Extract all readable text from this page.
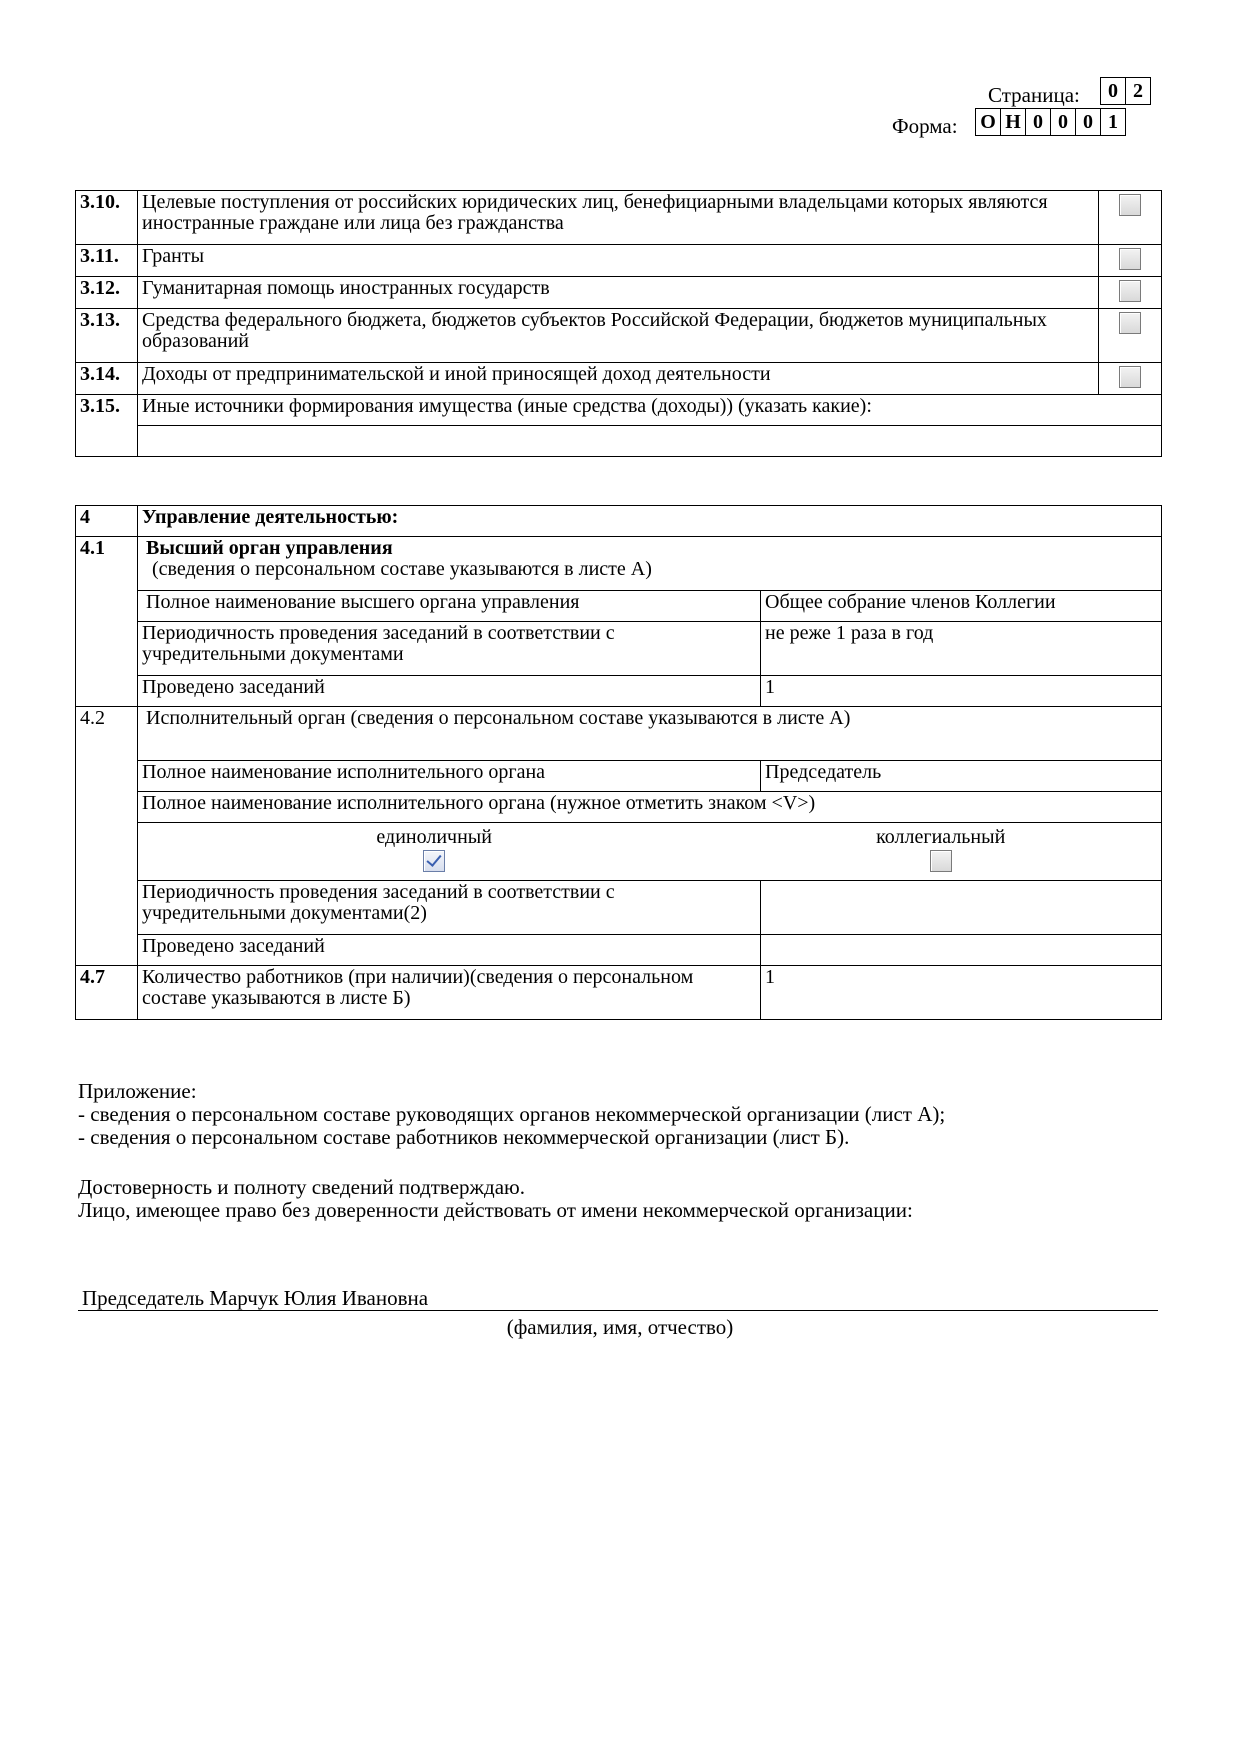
Страница:	0 2
Форма: О Н 0 0 0 1
3.10.	Целевые поступления от российских юридических лиц, бенефициарными владельцами которых являются иностранные граждане или лица без гражданства	
3.11.	Гранты	
3.12.	Гуманитарная помощь иностранных государств	
3.13.	Средства федерального бюджета, бюджетов субъектов Российской Федерации, бюджетов муниципальных образований	
3.14.	Доходы от предпринимательской и иной приносящей доход деятельности	
3.15.	Иные источники формирования имущества (иные средства (доходы)) (указать какие):	

4	Управление деятельностью:	
4.1	Высший орган управления
(сведения о персональном составе указываются в листе А)	

	Полное наименование высшего органа управления	Общее собрание членов Коллегии
	Периодичность проведения заседаний в соответствии с учредительными документами	не реже 1 раза в год
	Проведено заседаний	1
4.2	Исполнительный орган (сведения о персональном составе указываются в листе А)	
	Полное наименование исполнительного органа	Председатель
	Полное наименование исполнительного органа (нужное отметить знаком <V>)	

	единоличный коллегиальный	

	Периодичность проведения заседаний в соответствии с учредительными документами(2)	
	Проведено заседаний	
4.7	Количество работников (при наличии)(сведения о персональном составе указываются в листе Б)	1
Приложение:
- сведения о персональном составе руководящих органов некоммерческой организации (лист А);
- сведения о персональном составе работников некоммерческой организации (лист Б).
Достоверность и полноту сведений подтверждаю.
Лицо, имеющее право без доверенности действовать от имени некоммерческой организации:
Председатель Марчук Юлия Ивановна
(фамилия, имя, отчество)
